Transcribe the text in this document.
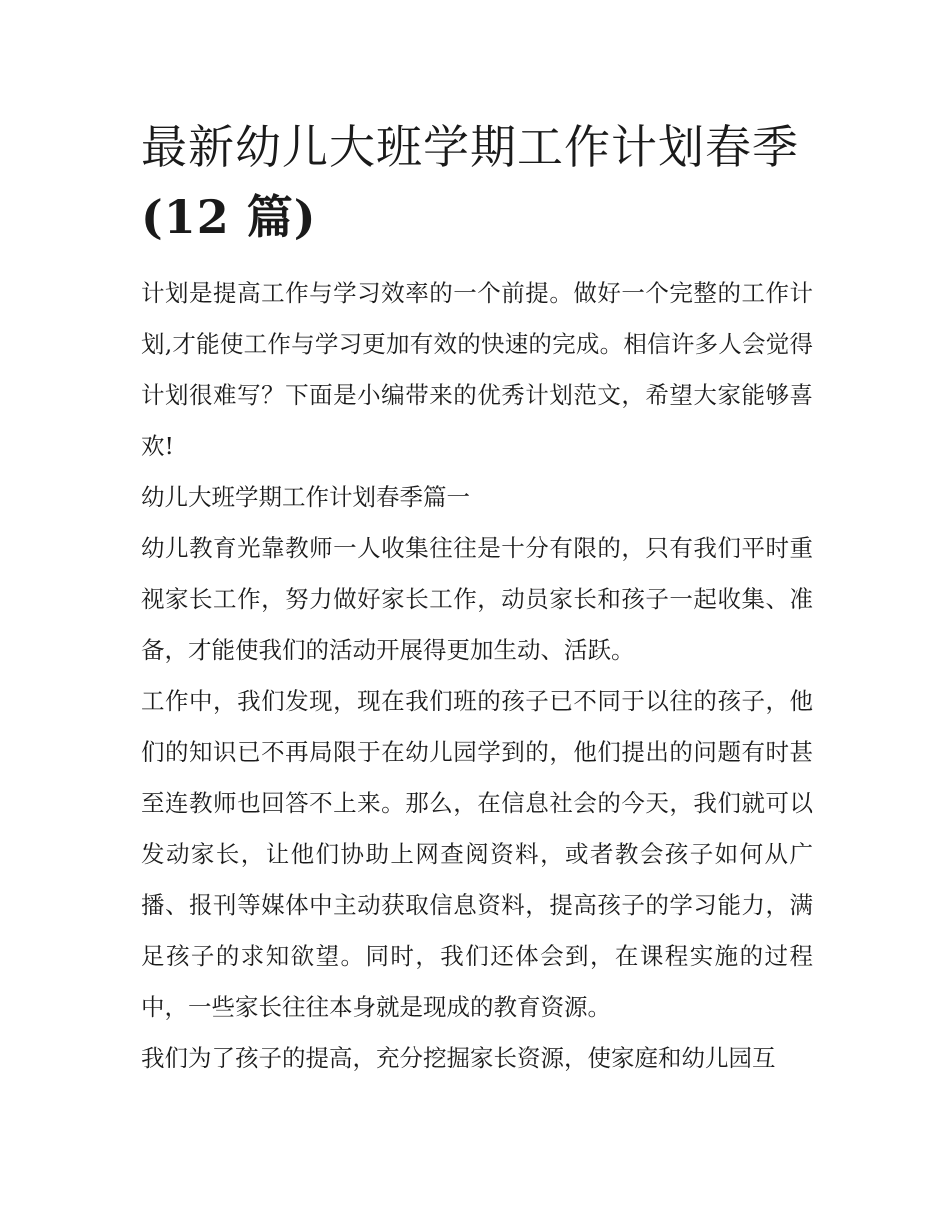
最新幼儿大班学期工作计划春季(12 篇)

计划是提高工作与学习效率的一个前提。做好一个完整的工作计划,才能使工作与学习更加有效的快速的完成。相信许多人会觉得计划很难写？下面是小编带来的优秀计划范文，希望大家能够喜欢!

幼儿大班学期工作计划春季篇一

幼儿教育光靠教师一人收集往往是十分有限的，只有我们平时重视家长工作，努力做好家长工作，动员家长和孩子一起收集、准备，才能使我们的活动开展得更加生动、活跃。

工作中，我们发现，现在我们班的孩子已不同于以往的孩子，他们的知识已不再局限于在幼儿园学到的，他们提出的问题有时甚至连教师也回答不上来。那么，在信息社会的今天，我们就可以发动家长，让他们协助上网查阅资料，或者教会孩子如何从广播、报刊等媒体中主动获取信息资料，提高孩子的学习能力，满足孩子的求知欲望。同时，我们还体会到，在课程实施的过程中，一些家长往往本身就是现成的教育资源。

我们为了孩子的提高，充分挖掘家长资源，使家庭和幼儿园互
